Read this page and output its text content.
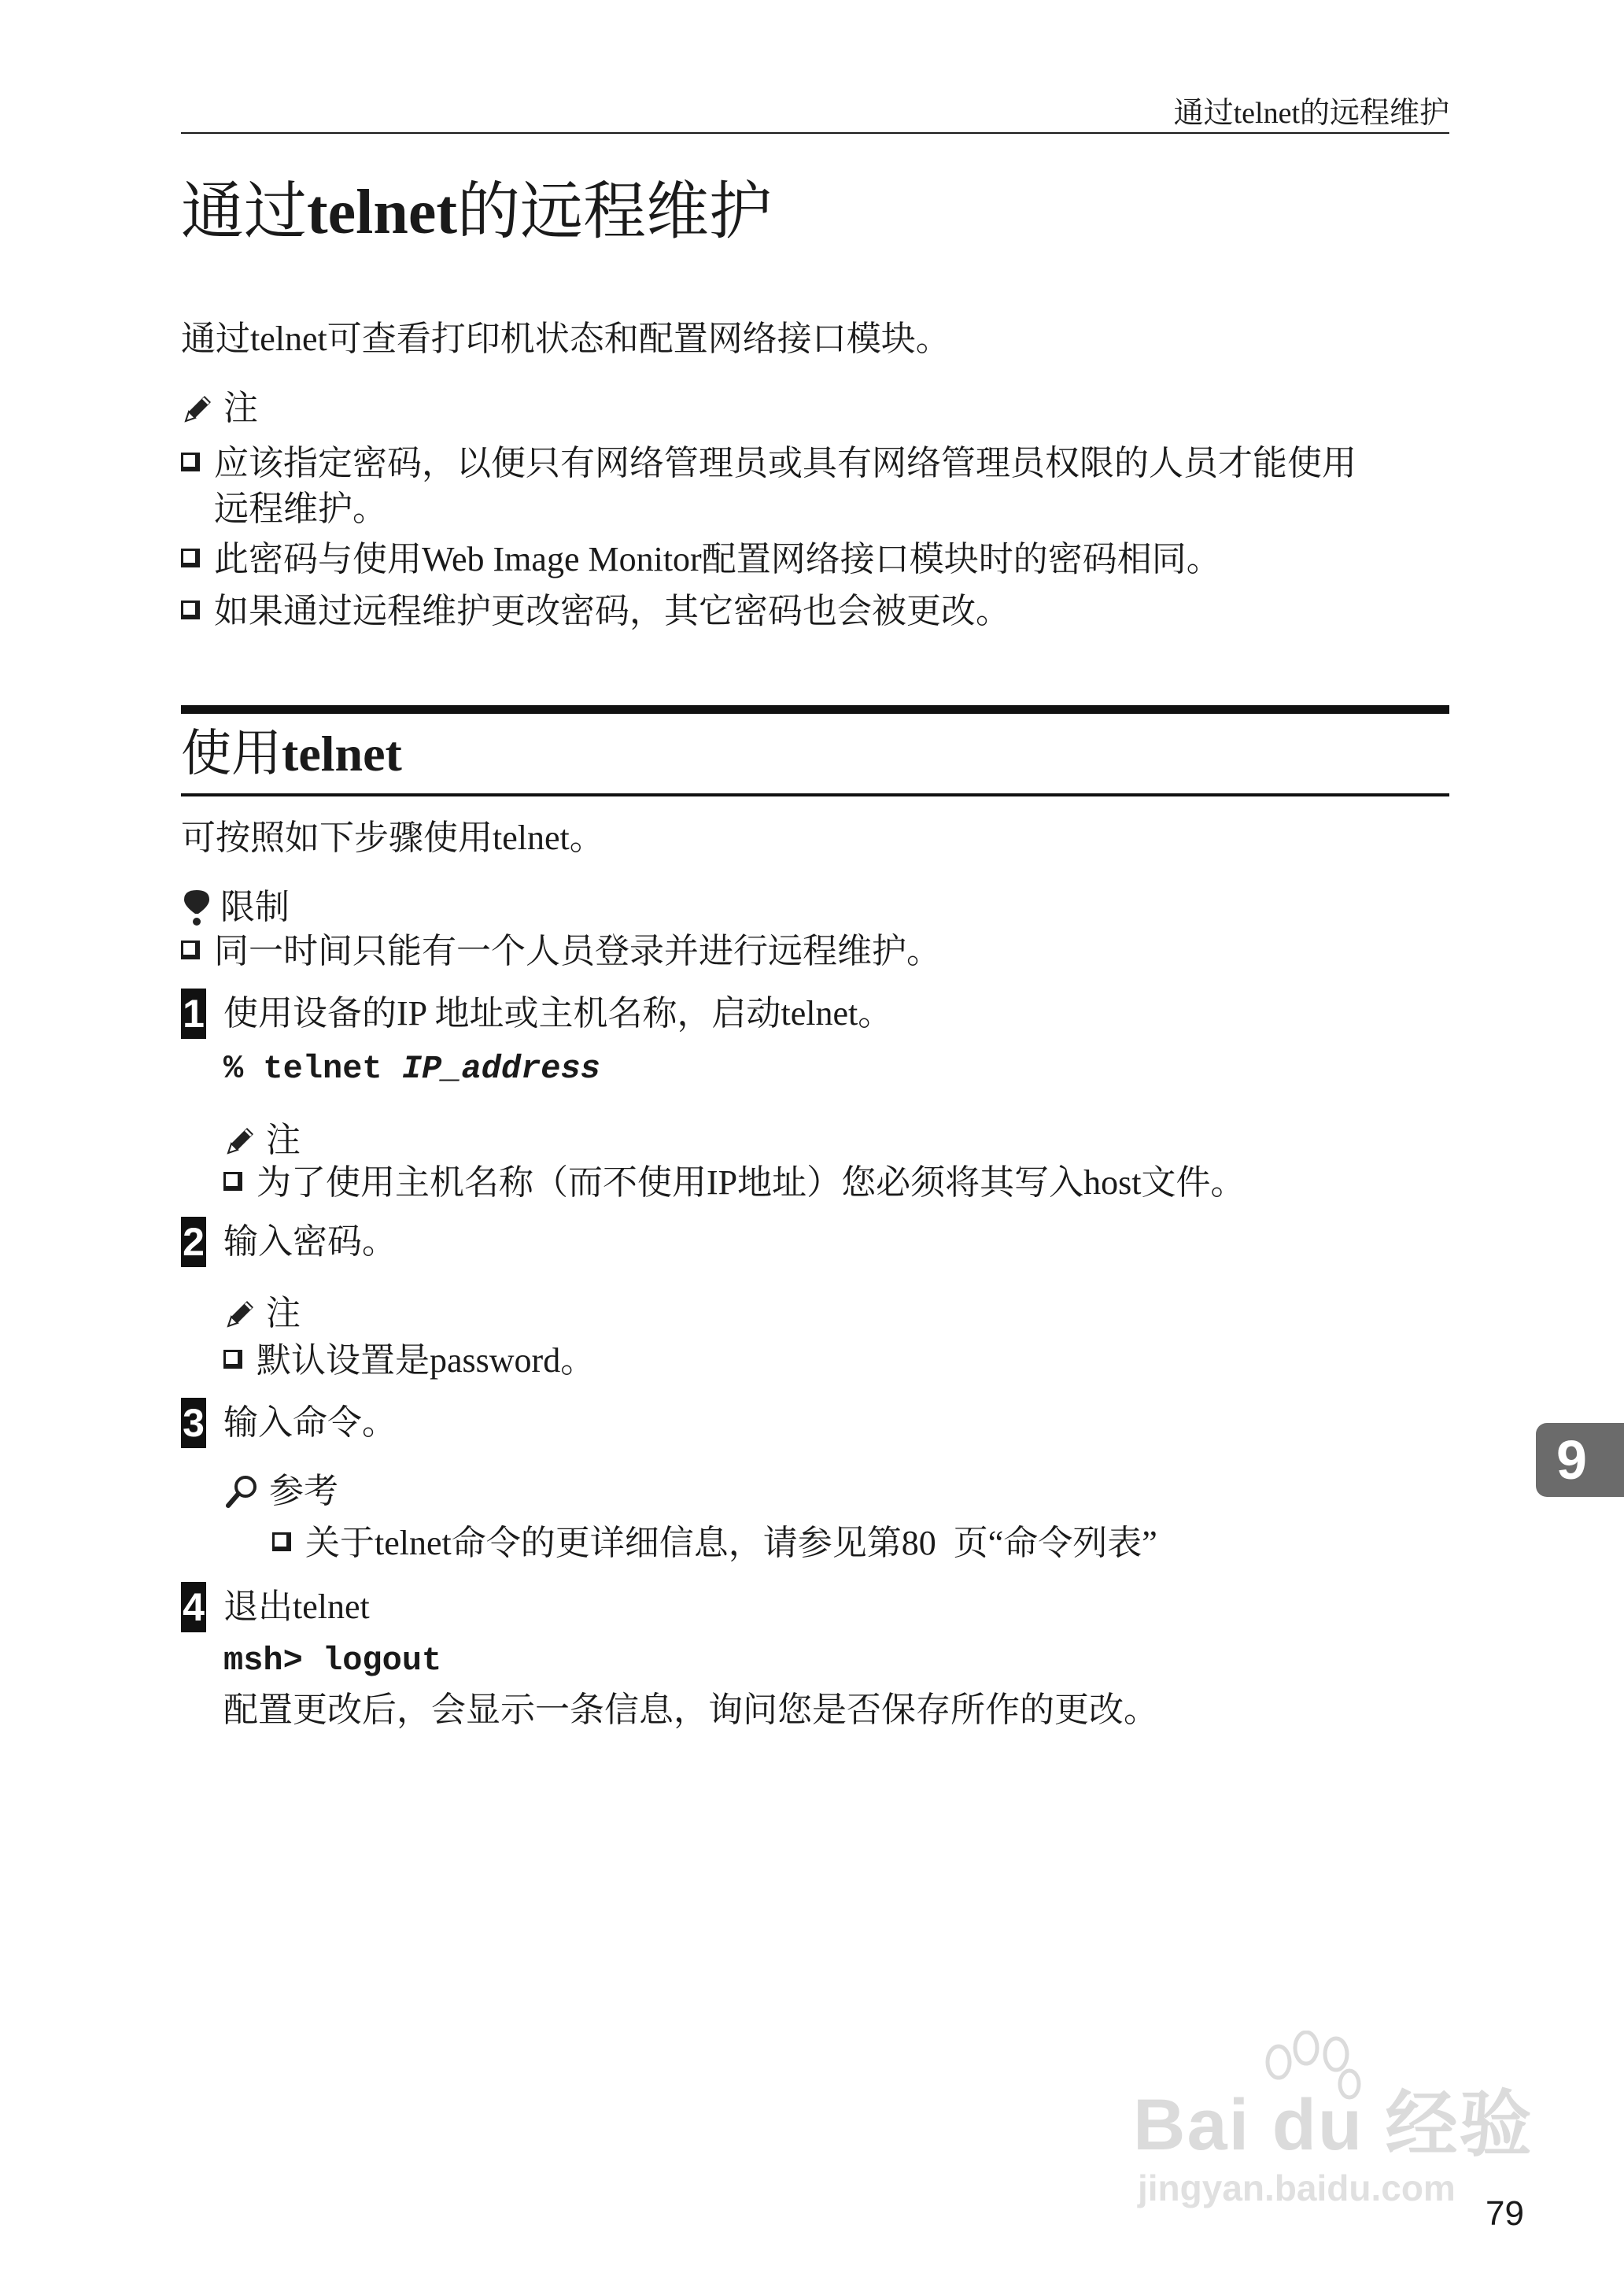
通过telnet的远程维护
通过telnet的远程维护
通过telnet可查看打印机状态和配置网络接口模块。
注
应该指定密码，以便只有网络管理员或具有网络管理员权限的人员才能使用
远程维护。
此密码与使用Web Image Monitor配置网络接口模块时的密码相同。
如果通过远程维护更改密码，其它密码也会被更改。
使用telnet
可按照如下步骤使用telnet。
限制
同一时间只能有一个人员登录并进行远程维护。
1 使用设备的IP 地址或主机名称，启动telnet。
% telnet IP_address
注
为了使用主机名称（而不使用IP地址）您必须将其写入host文件。
2 输入密码。
注
默认设置是password。
3 输入命令。
参考
关于telnet命令的更详细信息，请参见第80  页“命令列表”
4 退出telnet
msh> logout
配置更改后，会显示一条信息，询问您是否保存所作的更改。
9
Bai du 经验
jingyan.baidu.com
79
